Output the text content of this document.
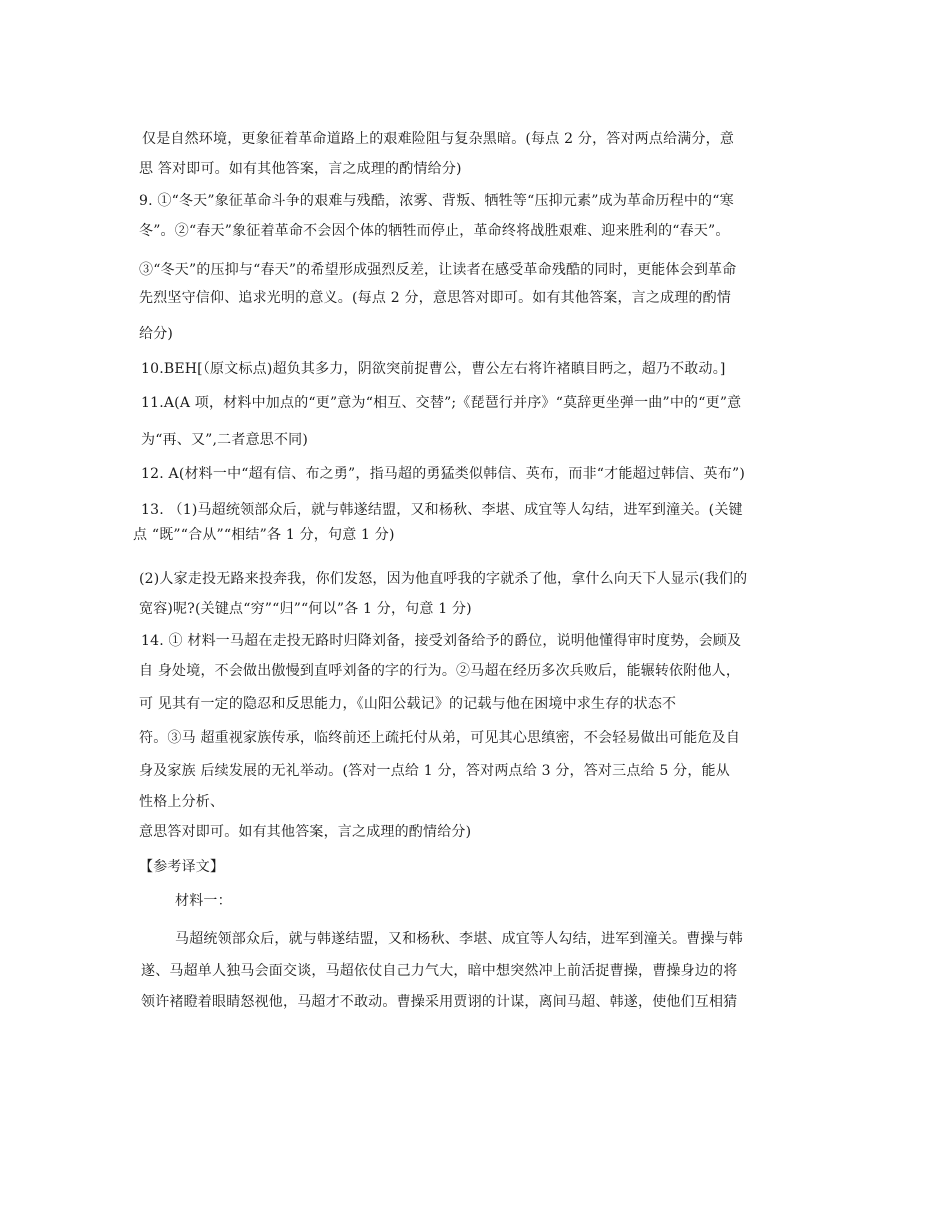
仅是自然环境，更象征着革命道路上的艰难险阻与复杂黑暗。(每点 2 分，答对两点给满分，意
思 答对即可。如有其他答案，言之成理的酌情给分)
9. ①“冬天”象征革命斗争的艰难与残酷，浓雾、背叛、牺牲等“压抑元素”成为革命历程中的“寒
冬”。②“春天”象征着革命不会因个体的牺牲而停止，革命终将战胜艰难、迎来胜利的“春天”。
③“冬天”的压抑与“春天”的希望形成强烈反差，让读者在感受革命残酷的同时，更能体会到革命
先烈坚守信仰、追求光明的意义。(每点 2 分，意思答对即可。如有其他答案，言之成理的酌情
给分)
10.BEH[（原文标点)超负其多力，阴欲突前捉曹公，曹公左右将许褚瞋目眄之，超乃不敢动。]
11.A(A 项，材料中加点的“更”意为“相互、交替”;《琵琶行并序》“莫辞更坐弹一曲”中的“更”意
为“再、又”,二者意思不同)
12. A(材料一中“超有信、布之勇”，指马超的勇猛类似韩信、英布，而非“才能超过韩信、英布”)
13. （1)马超统领部众后，就与韩遂结盟，又和杨秋、李堪、成宜等人勾结，进军到潼关。(关键
点 “既”“合从”“相结”各 1 分，句意 1 分)
(2)人家走投无路来投奔我，你们发怒，因为他直呼我的字就杀了他，拿什么向天下人显示(我们的
宽容)呢?(关键点“穷”“归”“何以”各 1 分，句意 1 分)
14. ① 材料一马超在走投无路时归降刘备，接受刘备给予的爵位，说明他懂得审时度势，会顾及
自 身处境，不会做出傲慢到直呼刘备的字的行为。②马超在经历多次兵败后，能辗转依附他人，
可 见其有一定的隐忍和反思能力，《山阳公载记》的记载与他在困境中求生存的状态不
符。③马 超重视家族传承，临终前还上疏托付从弟，可见其心思缜密，不会轻易做出可能危及自
身及家族 后续发展的无礼举动。(答对一点给 1 分，答对两点给 3 分，答对三点给 5 分，能从
性格上分析、
意思答对即可。如有其他答案，言之成理的酌情给分)
【参考译文】
材料一：
马超统领部众后，就与韩遂结盟，又和杨秋、李堪、成宜等人勾结，进军到潼关。曹操与韩
遂、马超单人独马会面交谈，马超依仗自己力气大，暗中想突然冲上前活捉曹操，曹操身边的将
领许褚瞪着眼睛怒视他，马超才不敢动。曹操采用贾诩的计谋，离间马超、韩遂，使他们互相猜
